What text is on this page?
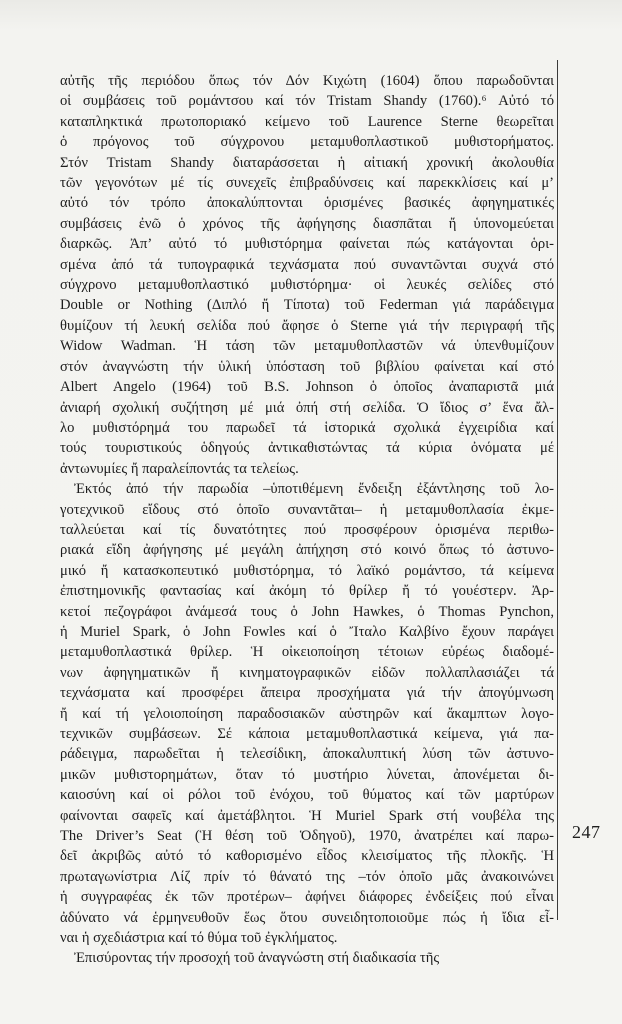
αὐτῆς τῆς περιόδου ὅπως τόν Δόν Κιχώτη (1604) ὅπου παρωδοῦνται
οἱ συμβάσεις τοῦ ρομάντσου καί τόν Tristam Shandy (1760).⁶ Αὐτό τό
καταπληκτικά πρωτοποριακό κείμενο τοῦ Laurence Sterne θεωρεῖται
ὁ πρόγονος τοῦ σύγχρονου μεταμυθοπλαστικοῦ μυθιστορήματος.
Στόν Tristam Shandy διαταράσσεται ἡ αἰτιακή χρονική ἀκολουθία
τῶν γεγονότων μέ τίς συνεχεῖς ἐπιβραδύνσεις καί παρεκκλίσεις καί μ’
αὐτό τόν τρόπο ἀποκαλύπτονται ὁρισμένες βασικές ἀφηγηματικές
συμβάσεις ἐνῶ ὁ χρόνος τῆς ἀφήγησης διασπᾶται ἤ ὑπονομεύεται
διαρκῶς. Ἀπ’ αὐτό τό μυθιστόρημα φαίνεται πώς κατάγονται ὁρι-
σμένα ἀπό τά τυπογραφικά τεχνάσματα πού συναντῶνται συχνά στό
σύγχρονο μεταμυθοπλαστικό μυθιστόρημα· οἱ λευκές σελίδες στό
Double or Nothing (Διπλό ἤ Τίποτα) τοῦ Federman γιά παράδειγμα
θυμίζουν τή λευκή σελίδα πού ἄφησε ὁ Sterne γιά τήν περιγραφή τῆς
Widow Wadman. Ἡ τάση τῶν μεταμυθοπλαστῶν νά ὑπενθυμίζουν
στόν ἀναγνώστη τήν ὑλική ὑπόσταση τοῦ βιβλίου φαίνεται καί στό
Albert Angelo (1964) τοῦ B.S. Johnson ὁ ὁποῖος ἀναπαριστᾶ μιά
ἀνιαρή σχολική συζήτηση μέ μιά ὀπή στή σελίδα. Ὁ ἴδιος σ’ ἕνα ἄλ-
λο μυθιστόρημά του παρωδεῖ τά ἱστορικά σχολικά ἐγχειρίδια καί
τούς τουριστικούς ὁδηγούς ἀντικαθιστώντας τά κύρια ὀνόματα μέ
ἀντωνυμίες ἤ παραλείποντάς τα τελείως.

Ἐκτός ἀπό τήν παρωδία –ὑποτιθέμενη ἔνδειξη ἐξάντλησης τοῦ λο-
γοτεχνικοῦ εἴδους στό ὁποῖο συναντᾶται– ἡ μεταμυθοπλασία ἐκμε-
ταλλεύεται καί τίς δυνατότητες πού προσφέρουν ὁρισμένα περιθω-
ριακά εἴδη ἀφήγησης μέ μεγάλη ἀπήχηση στό κοινό ὅπως τό ἀστυνο-
μικό ἤ κατασκοπευτικό μυθιστόρημα, τό λαϊκό ρομάντσο, τά κείμενα
ἐπιστημονικῆς φαντασίας καί ἀκόμη τό θρίλερ ἤ τό γουέστερν. Ἀρ-
κετοί πεζογράφοι ἀνάμεσά τους ὁ John Hawkes, ὁ Thomas Pynchon,
ἡ Muriel Spark, ὁ John Fowles καί ὁ Ἴταλο Καλβίνο ἔχουν παράγει
μεταμυθοπλαστικά θρίλερ. Ἡ οἰκειοποίηση τέτοιων εὐρέως διαδομέ-
νων ἀφηγηματικῶν ἤ κινηματογραφικῶν εἰδῶν πολλαπλασιάζει τά
τεχνάσματα καί προσφέρει ἄπειρα προσχήματα γιά τήν ἀπογύμνωση
ἤ καί τή γελοιοποίηση παραδοσιακῶν αὐστηρῶν καί ἄκαμπτων λογο-
τεχνικῶν συμβάσεων. Σέ κάποια μεταμυθοπλαστικά κείμενα, γιά πα-
ράδειγμα, παρωδεῖται ἡ τελεσίδικη, ἀποκαλυπτική λύση τῶν ἀστυνο-
μικῶν μυθιστορημάτων, ὅταν τό μυστήριο λύνεται, ἀπονέμεται δι-
καιοσύνη καί οἱ ρόλοι τοῦ ἐνόχου, τοῦ θύματος καί τῶν μαρτύρων
φαίνονται σαφεῖς καί ἀμετάβλητοι. Ἡ Muriel Spark στή νουβέλα της
The Driver’s Seat (Ἡ θέση τοῦ Ὁδηγοῦ), 1970, ἀνατρέπει καί παρω-
δεῖ ἀκριβῶς αὐτό τό καθορισμένο εἶδος κλεισίματος τῆς πλοκῆς. Ἡ
πρωταγωνίστρια Λίζ πρίν τό θάνατό της –τόν ὁποῖο μᾶς ἀνακοινώνει
ἡ συγγραφέας ἐκ τῶν προτέρων– ἀφήνει διάφορες ἐνδείξεις πού εἶναι
ἀδύνατο νά ἑρμηνευθοῦν ἕως ὅτου συνειδητοποιοῦμε πώς ἡ ἴδια εἶ-
ναι ἡ σχεδιάστρια καί τό θύμα τοῦ ἐγκλήματος.

Ἐπισύροντας τήν προσοχή τοῦ ἀναγνώστη στή διαδικασία τῆς

247
